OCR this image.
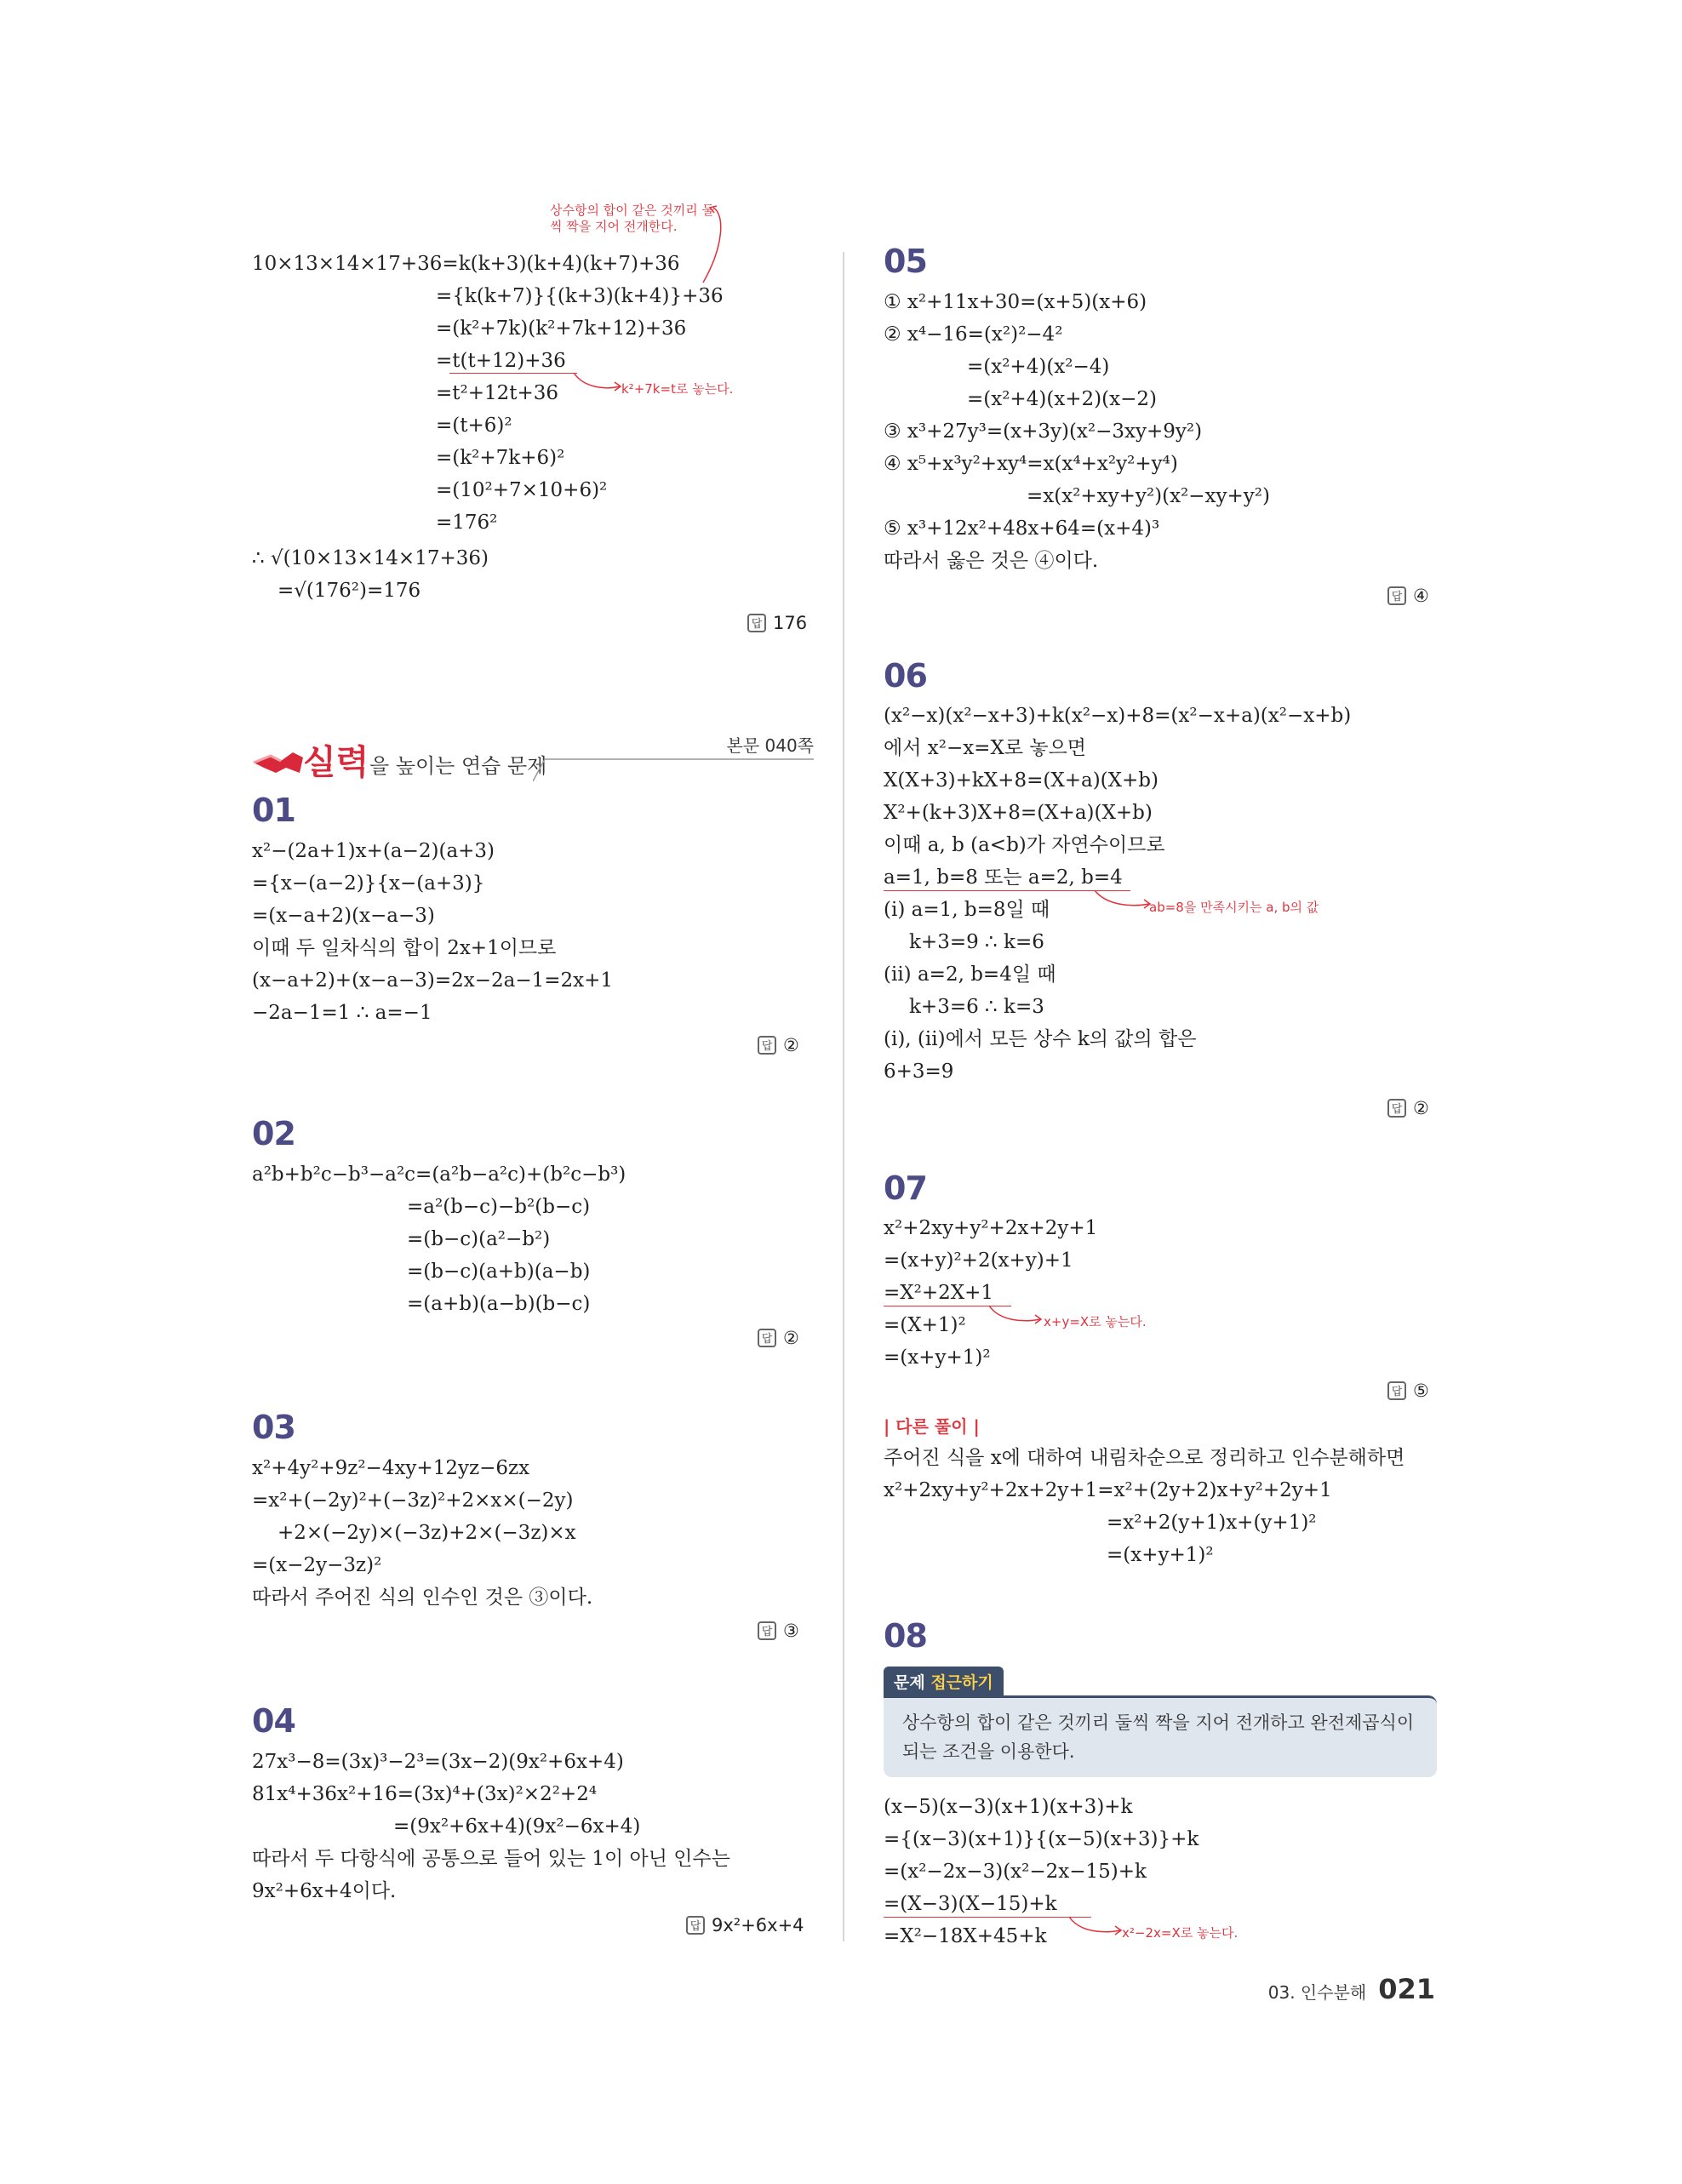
상수항의 합이 같은 것끼리 둘씩 짝을 지어 전개한다.
10×13×14×17+36=k(k+3)(k+4)(k+7)+36
={k(k+7)}{(k+3)(k+4)}+36
=(k²+7k)(k²+7k+12)+36
=t(t+12)+36
k²+7k=t로 놓는다.
=t²+12t+36
=(t+6)²
=(k²+7k+6)²
=(10²+7×10+6)²
=176²
∴ √(10×13×14×17+36)
=√(176²)=176
답 176
실력 을 높이는 연습 문제
본문 040쪽
01
x²−(2a+1)x+(a−2)(a+3)
={x−(a−2)}{x−(a+3)}
=(x−a+2)(x−a−3)
이때 두 일차식의 합이 2x+1이므로
(x−a+2)+(x−a−3)=2x−2a−1=2x+1
−2a−1=1 ∴ a=−1
답 ②
02
a²b+b²c−b³−a²c=(a²b−a²c)+(b²c−b³)
=a²(b−c)−b²(b−c)
=(b−c)(a²−b²)
=(b−c)(a+b)(a−b)
=(a+b)(a−b)(b−c)
답 ②
03
x²+4y²+9z²−4xy+12yz−6zx
=x²+(−2y)²+(−3z)²+2×x×(−2y)
+2×(−2y)×(−3z)+2×(−3z)×x
=(x−2y−3z)²
따라서 주어진 식의 인수인 것은 ③이다.
답 ③
04
27x³−8=(3x)³−2³=(3x−2)(9x²+6x+4)
81x⁴+36x²+16=(3x)⁴+(3x)²×2²+2⁴
=(9x²+6x+4)(9x²−6x+4)
따라서 두 다항식에 공통으로 들어 있는 1이 아닌 인수는
9x²+6x+4이다.
답 9x²+6x+4
05
① x²+11x+30=(x+5)(x+6)
② x⁴−16=(x²)²−4²
=(x²+4)(x²−4)
=(x²+4)(x+2)(x−2)
③ x³+27y³=(x+3y)(x²−3xy+9y²)
④ x⁵+x³y²+xy⁴=x(x⁴+x²y²+y⁴)
=x(x²+xy+y²)(x²−xy+y²)
⑤ x³+12x²+48x+64=(x+4)³
따라서 옳은 것은 ④이다.
답 ④
06
(x²−x)(x²−x+3)+k(x²−x)+8=(x²−x+a)(x²−x+b)
에서 x²−x=X로 놓으면
X(X+3)+kX+8=(X+a)(X+b)
X²+(k+3)X+8=(X+a)(X+b)
이때 a, b (a<b)가 자연수이므로
a=1, b=8 또는 a=2, b=4
ab=8을 만족시키는 a, b의 값
(i) a=1, b=8일 때
k+3=9 ∴ k=6
(ii) a=2, b=4일 때
k+3=6 ∴ k=3
(i), (ii)에서 모든 상수 k의 값의 합은
6+3=9
답 ②
07
x²+2xy+y²+2x+2y+1
=(x+y)²+2(x+y)+1
=X²+2X+1
x+y=X로 놓는다.
=(X+1)²
=(x+y+1)²
답 ⑤
| 다른 풀이 |
주어진 식을 x에 대하여 내림차순으로 정리하고 인수분해하면
x²+2xy+y²+2x+2y+1=x²+(2y+2)x+y²+2y+1
=x²+2(y+1)x+(y+1)²
=(x+y+1)²
08
문제 접근하기
상수항의 합이 같은 것끼리 둘씩 짝을 지어 전개하고 완전제곱식이 되는 조건을 이용한다.
(x−5)(x−3)(x+1)(x+3)+k
={(x−3)(x+1)}{(x−5)(x+3)}+k
=(x²−2x−3)(x²−2x−15)+k
=(X−3)(X−15)+k
x²−2x=X로 놓는다.
=X²−18X+45+k
03. 인수분해 021
